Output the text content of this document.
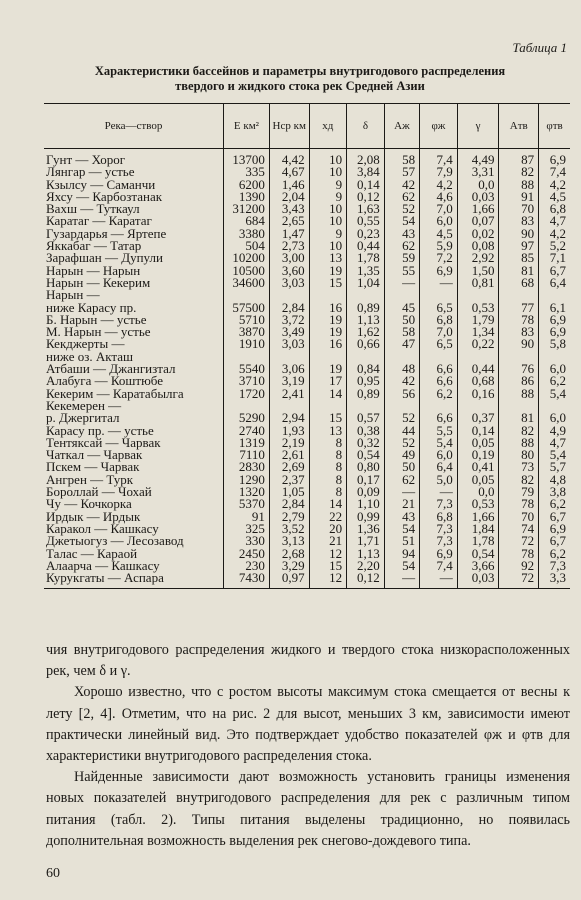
Таблица 1
Характеристики бассейнов и параметры внутригодового распределения
твердого и жидкого стока рек Средней Азии
Река—створ	E км²	Hср км	xд	δ	Aж	φж	γ	Aтв	φтв
Гунт — Хорог	13700	4,42	10	2,08	58	7,4	4,49	87	6,9
Лянгар — устье	335	4,67	10	3,84	57	7,9	3,31	82	7,4
Кзылсу — Саманчи	6200	1,46	9	0,14	42	4,2	0,0	88	4,2
Яхсу — Карбозтанак	1390	2,04	9	0,12	62	4,6	0,03	91	4,5
Вахш — Туткаул	31200	3,43	10	1,63	52	7,0	1,66	70	6,8
Каратаг — Каратаг	684	2,65	10	0,55	54	6,0	0,07	83	4,7
Гузардарья — Яртепе	3380	1,47	9	0,23	43	4,5	0,02	90	4,2
Яккабаг — Татар	504	2,73	10	0,44	62	5,9	0,08	97	5,2
Зарафшан — Дупули	10200	3,00	13	1,78	59	7,2	2,92	85	7,1
Нарын — Нарын	10500	3,60	19	1,35	55	6,9	1,50	81	6,7
Нарын — Кекерим	34600	3,03	15	1,04	—	—	0,81	68	6,4
Нарын —									
ниже Карасу пр.	57500	2,84	16	0,89	45	6,5	0,53	77	6,1
Б. Нарын — устье	5710	3,72	19	1,13	50	6,8	1,79	78	6,9
М. Нарын — устье	3870	3,49	19	1,62	58	7,0	1,34	83	6,9
Кекджерты —	1910	3,03	16	0,66	47	6,5	0,22	90	5,8
ниже оз. Акташ									
Атбаши — Джангизтал	5540	3,06	19	0,84	48	6,6	0,44	76	6,0
Алабуга — Коштюбе	3710	3,19	17	0,95	42	6,6	0,68	86	6,2
Кекерим — Каратабылга	1720	2,41	14	0,89	56	6,2	0,16	88	5,4
Кекемерен —									
р. Джергитал	5290	2,94	15	0,57	52	6,6	0,37	81	6,0
Карасу пр. — устье	2740	1,93	13	0,38	44	5,5	0,14	82	4,9
Тентяксай — Чарвак	1319	2,19	8	0,32	52	5,4	0,05	88	4,7
Чаткал — Чарвак	7110	2,61	8	0,54	49	6,0	0,19	80	5,4
Пскем — Чарвак	2830	2,69	8	0,80	50	6,4	0,41	73	5,7
Ангрен — Турк	1290	2,37	8	0,17	62	5,0	0,05	82	4,8
Бороллай — Чохай	1320	1,05	8	0,09	—	—	0,0	79	3,8
Чу — Кочкорка	5370	2,84	14	1,10	21	7,3	0,53	78	6,2
Ирдык — Ирдык	91	2,79	22	0,99	43	6,8	1,66	70	6,7
Каракол — Кашкасу	325	3,52	20	1,36	54	7,3	1,84	74	6,9
Джетыогуз — Лесозавод	330	3,13	21	1,71	51	7,3	1,78	72	6,7
Талас — Караой	2450	2,68	12	1,13	94	6,9	0,54	78	6,2
Алаарча — Кашкасу	230	3,29	15	2,20	54	7,4	3,66	92	7,3
Курукгаты — Аспара	7430	0,97	12	0,12	—	—	0,03	72	3,3

чия внутригодового распределения жидкого и твердого стока низкорасположенных рек, чем δ и γ.

Хорошо известно, что с ростом высоты максимум стока смещается от весны к лету [2, 4]. Отметим, что на рис. 2 для высот, меньших 3 км, зависимости имеют практически линейный вид. Это подтверждает удобство показателей φж и φтв для характеристики внутригодового распределения стока.

Найденные зависимости дают возможность установить границы изменения новых показателей внутригодового распределения для рек с различным типом питания (табл. 2). Типы питания выделены традиционно, но появилась дополнительная возможность выделения рек снегово-дождевого типа.

60
